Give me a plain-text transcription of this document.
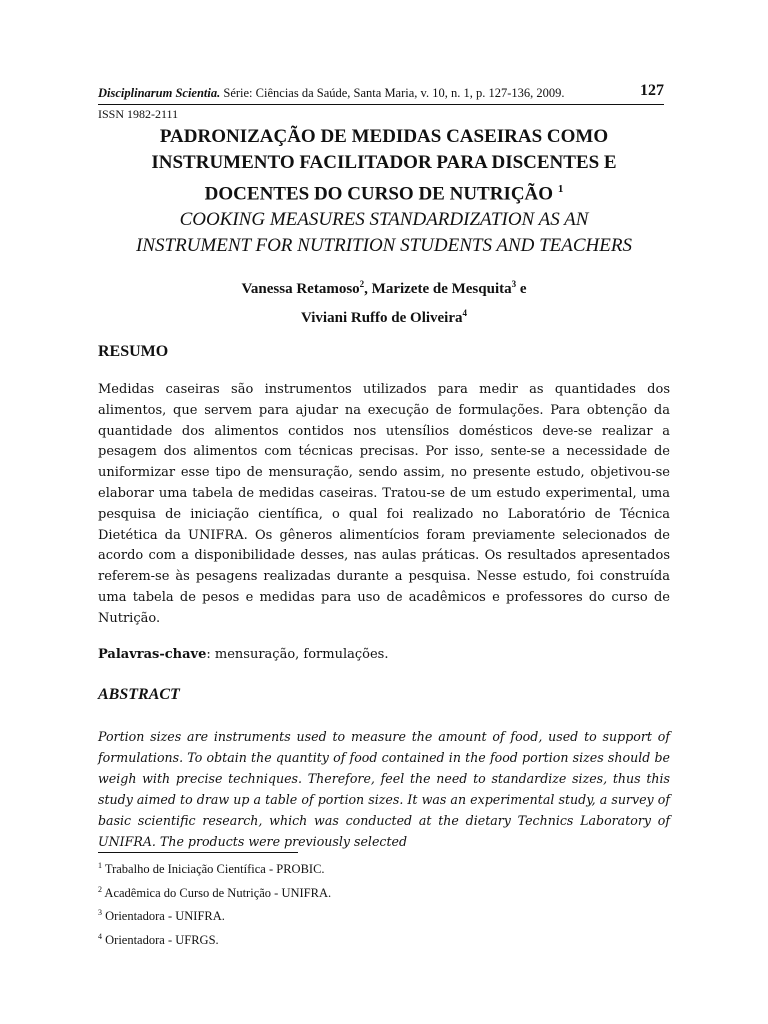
Disciplinarum Scientia. Série: Ciências da Saúde, Santa Maria, v. 10, n. 1, p. 127-136, 2009.	127
ISSN 1982-2111
PADRONIZAÇÃO DE MEDIDAS CASEIRAS COMO
INSTRUMENTO FACILITADOR PARA DISCENTES E
DOCENTES DO CURSO DE NUTRIÇÃO $^1$
COOKING MEASURES STANDARDIZATION AS AN
INSTRUMENT FOR NUTRITION STUDENTS AND TEACHERS
Vanessa Retamoso$^2$, Marizete de Mesquita$^3$ e
Viviani Ruffo de Oliveira$^4$
RESUMO
Medidas caseiras são instrumentos utilizados para medir as quantidades dos alimentos, que servem para ajudar na execução de formulações. Para obtenção da quantidade dos alimentos contidos nos utensílios domésticos deve-se realizar a pesagem dos alimentos com técnicas precisas. Por isso, sente-se a necessidade de uniformizar esse tipo de mensuração, sendo assim, no presente estudo, objetivou-se elaborar uma tabela de medidas caseiras. Tratou-se de um estudo experimental, uma pesquisa de iniciação científica, o qual foi realizado no Laboratório de Técnica Dietética da UNIFRA. Os gêneros alimentícios foram previamente selecionados de acordo com a disponibilidade desses, nas aulas práticas. Os resultados apresentados referem-se às pesagens realizadas durante a pesquisa. Nesse estudo, foi construída uma tabela de pesos e medidas para uso de acadêmicos e professores do curso de Nutrição.
Palavras-chave: mensuração, formulações.
ABSTRACT
Portion sizes are instruments used to measure the amount of food, used to support of formulations. To obtain the quantity of food contained in the food portion sizes should be weigh with precise techniques. Therefore, feel the need to standardize sizes, thus this study aimed to draw up a table of portion sizes. It was an experimental study, a survey of basic scientific research, which was conducted at the dietary Technics Laboratory of UNIFRA. The products were previously selected
$^1$ Trabalho de Iniciação Científica - PROBIC.
$^2$ Acadêmica do Curso de Nutrição - UNIFRA.
$^3$ Orientadora - UNIFRA.
$^4$ Orientadora - UFRGS.
